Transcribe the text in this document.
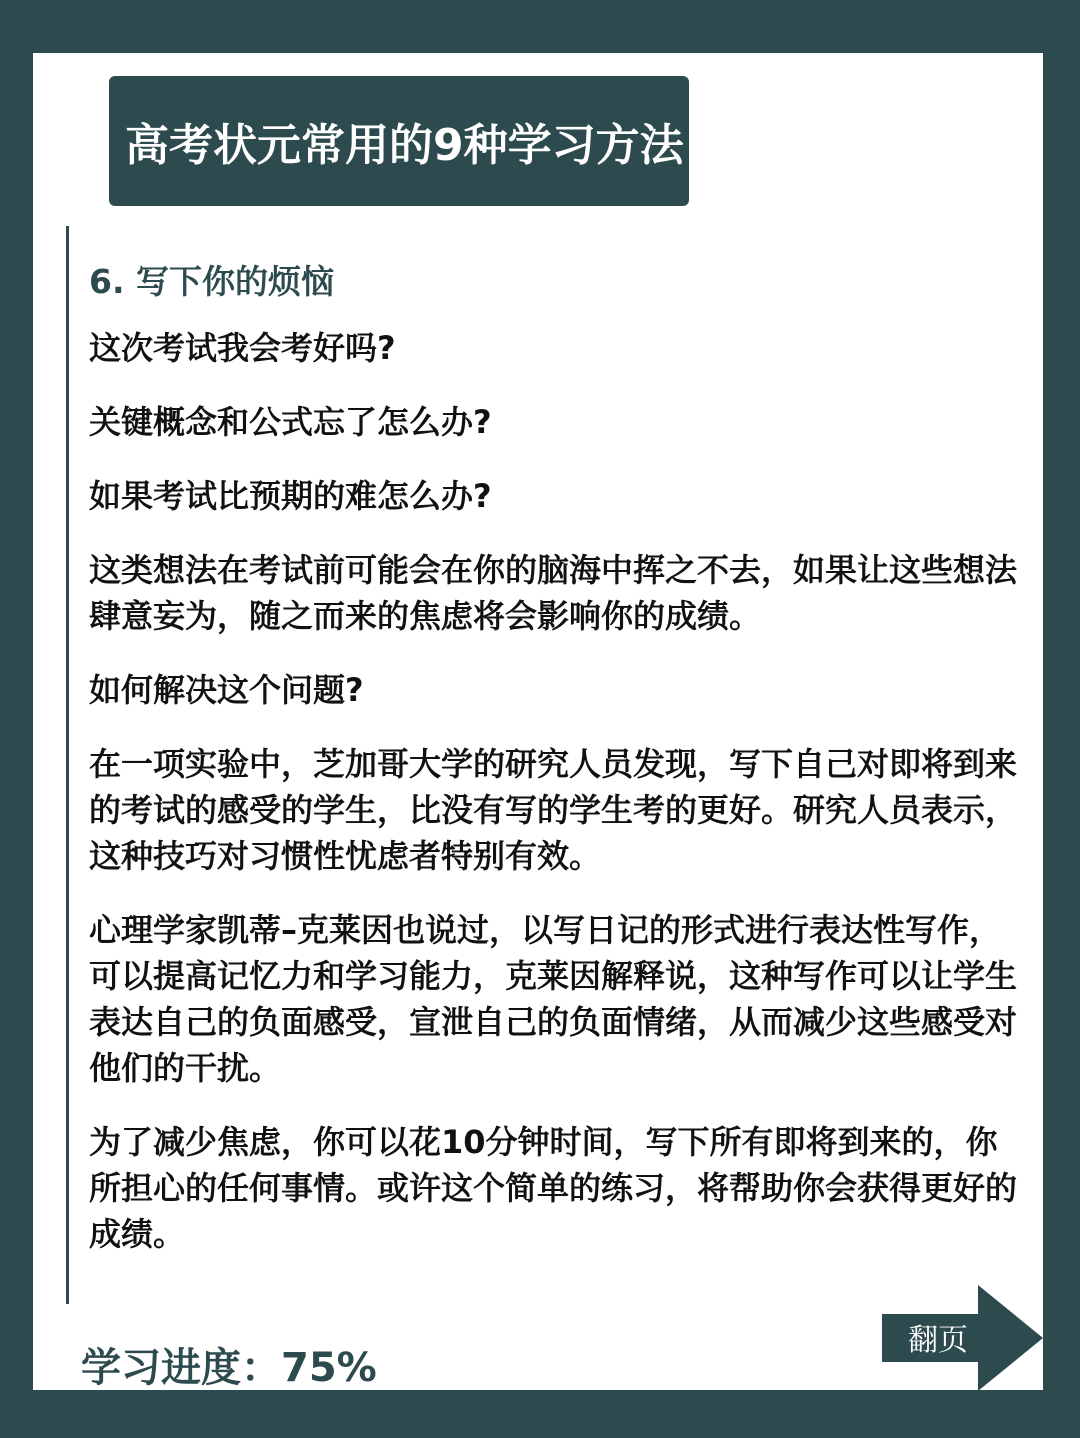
高考状元常用的9种学习方法
6. 写下你的烦恼

这次考试我会考好吗?

关键概念和公式忘了怎么办?

如果考试比预期的难怎么办?

这类想法在考试前可能会在你的脑海中挥之不去，如果让这些想法肆意妄为，随之而来的焦虑将会影响你的成绩。

如何解决这个问题?

在一项实验中，芝加哥大学的研究人员发现，写下自己对即将到来的考试的感受的学生，比没有写的学生考的更好。研究人员表示，这种技巧对习惯性忧虑者特别有效。

心理学家凯蒂–克莱因也说过，以写日记的形式进行表达性写作，可以提高记忆力和学习能力，克莱因解释说，这种写作可以让学生表达自己的负面感受，宣泄自己的负面情绪，从而减少这些感受对他们的干扰。

为了减少焦虑，你可以花10分钟时间，写下所有即将到来的，你所担心的任何事情。或许这个简单的练习，将帮助你会获得更好的成绩。

学习进度：75%
翻页
